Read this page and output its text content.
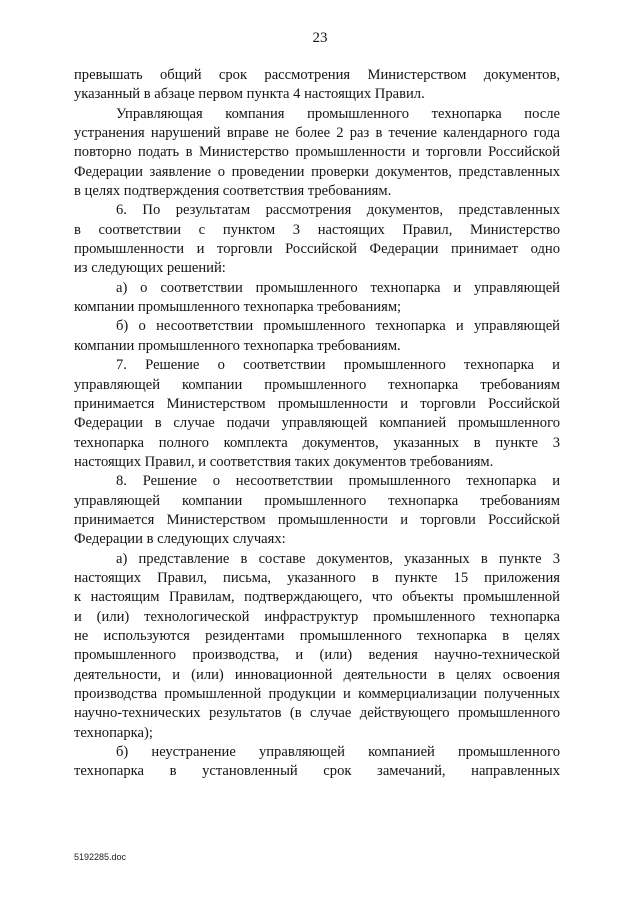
23
превышать общий срок рассмотрения Министерством документов,
указанный в абзаце первом пункта 4 настоящих Правил.
Управляющая компания промышленного технопарка после
устранения нарушений вправе не более 2 раз в течение календарного года
повторно подать в Министерство промышленности и торговли Российской
Федерации заявление о проведении проверки документов, представленных
в целях подтверждения соответствия требованиям.
6. По результатам рассмотрения документов, представленных
в соответствии с пунктом 3 настоящих Правил, Министерство
промышленности и торговли Российской Федерации принимает одно
из следующих решений:
а) о соответствии промышленного технопарка и управляющей
компании промышленного технопарка требованиям;
б) о несоответствии промышленного технопарка и управляющей
компании промышленного технопарка требованиям.
7. Решение о соответствии промышленного технопарка и
управляющей компании промышленного технопарка требованиям
принимается Министерством промышленности и торговли Российской
Федерации в случае подачи управляющей компанией промышленного
технопарка полного комплекта документов, указанных в пункте 3
настоящих Правил, и соответствия таких документов требованиям.
8. Решение о несоответствии промышленного технопарка и
управляющей компании промышленного технопарка требованиям
принимается Министерством промышленности и торговли Российской
Федерации в следующих случаях:
а) представление в составе документов, указанных в пункте 3
настоящих Правил, письма, указанного в пункте 15 приложения
к настоящим Правилам, подтверждающего, что объекты промышленной
и (или) технологической инфраструктур промышленного технопарка
не используются резидентами промышленного технопарка в целях
промышленного производства, и (или) ведения научно-технической
деятельности, и (или) инновационной деятельности в целях освоения
производства промышленной продукции и коммерциализации полученных
научно-технических результатов (в случае действующего промышленного
технопарка);
б) неустранение управляющей компанией промышленного
технопарка в установленный срок замечаний, направленных
5192285.doc
